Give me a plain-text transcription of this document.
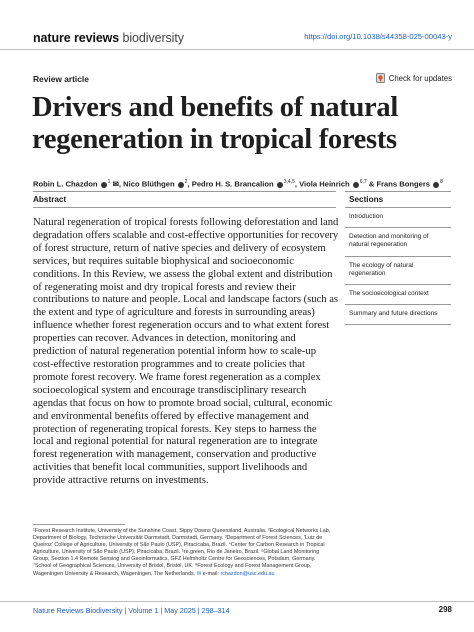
nature reviews biodiversity	https://doi.org/10.1038/s44358-025-00043-y
Review article	Check for updates
Drivers and benefits of natural regeneration in tropical forests
Robin L. Chazdon $^1$ ✉, Nico Blüthgen $^2$, Pedro H. S. Brancalion $^{3,4,5}$, Viola Heinrich $^{6,7}$ & Frans Bongers $^8$
Abstract	Sections

Natural regeneration of tropical forests following deforestation and land degradation offers scalable and cost-effective opportunities for recovery of forest structure, return of native species and delivery of ecosystem services, but requires suitable biophysical and socioeconomic conditions. In this Review, we assess the global extent and distribution of regenerating moist and dry tropical forests and review their contributions to nature and people. Local and landscape factors (such as the extent and type of agriculture and forests in surrounding areas) influence whether forest regeneration occurs and to what extent forest properties can recover. Advances in detection, monitoring and prediction of natural regeneration potential inform how to scale-up cost-effective restoration programmes and to create policies that promote forest recovery. We frame forest regeneration as a complex socioecological system and encourage transdisciplinary research agendas that focus on how to promote broad social, cultural, economic and environmental benefits offered by effective management and protection of regenerating tropical forests. Key steps to harness the local and regional potential for natural regeneration are to integrate forest regeneration with management, conservation and productive activities that benefit local communities, support livelihoods and provide attractive returns on investments.

Introduction
Detection and monitoring of natural regeneration
The ecology of natural regeneration
The socioecological context
Summary and future directions
¹Forest Research Institute, University of the Sunshine Coast, Sippy Downs Queensland, Australia. ²Ecological Networks Lab, Department of Biology, Technische Universität Darmstadt, Darmstadt, Germany. ³Department of Forest Sciences, 'Luiz de Queiroz' College of Agriculture, University of São Paulo (USP), Piracicaba, Brazil. ⁴Center for Carbon Research in Tropical Agriculture, University of São Paulo (USP), Piracicaba, Brazil. ⁵re.green, Rio de Janeiro, Brazil. ⁶Global Land Monitoring Group, Section 1.4 Remote Sensing and Geoinformatics, GFZ Helmholtz Centre for Geosciences, Potsdam, Germany. ⁷School of Geographical Sciences, University of Bristol, Bristol, UK. ⁸Forest Ecology and Forest Management Group, Wageningen University & Research, Wageningen, The Netherlands. ✉ e-mail: rchazdon@usc.edu.au
Nature Reviews Biodiversity | Volume 1 | May 2025 | 298–314	298
